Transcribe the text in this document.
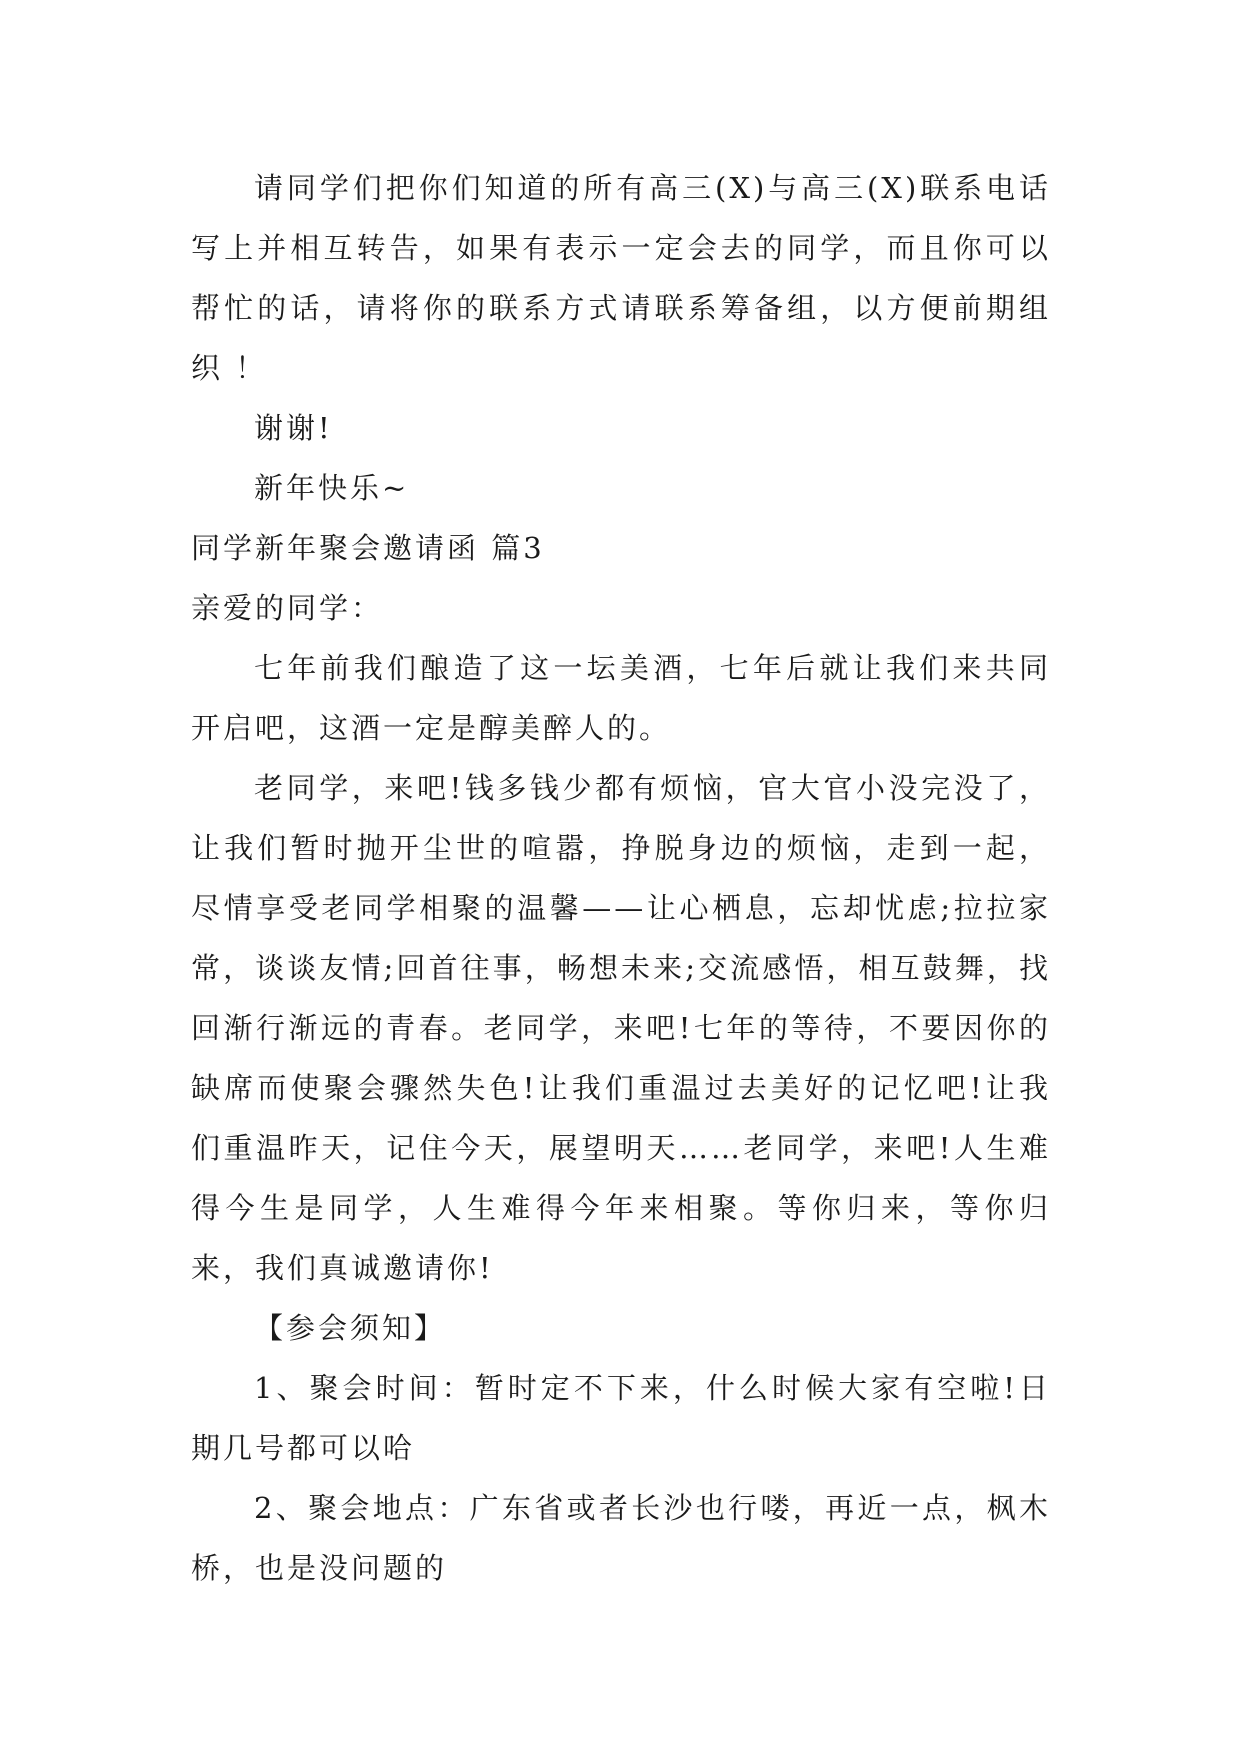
请同学们把你们知道的所有高三(X)与高三(X)联系电话写上并相互转告，如果有表示一定会去的同学，而且你可以帮忙的话，请将你的联系方式请联系筹备组，以方便前期组织 ！

谢谢!

新年快乐~

同学新年聚会邀请函 篇3

亲爱的同学：

七年前我们酿造了这一坛美酒，七年后就让我们来共同开启吧，这酒一定是醇美醉人的。

老同学，来吧!钱多钱少都有烦恼，官大官小没完没了，让我们暂时抛开尘世的喧嚣，挣脱身边的烦恼，走到一起，尽情享受老同学相聚的温馨——让心栖息，忘却忧虑;拉拉家常，谈谈友情;回首往事，畅想未来;交流感悟，相互鼓舞，找回渐行渐远的青春。老同学，来吧!七年的等待，不要因你的缺席而使聚会骤然失色!让我们重温过去美好的记忆吧!让我们重温昨天，记住今天，展望明天……老同学，来吧!人生难得今生是同学，人生难得今年来相聚。等你归来，等你归来，我们真诚邀请你!

【参会须知】

1、聚会时间：暂时定不下来，什么时候大家有空啦!日期几号都可以哈

2、聚会地点：广东省或者长沙也行喽，再近一点，枫木桥，也是没问题的
